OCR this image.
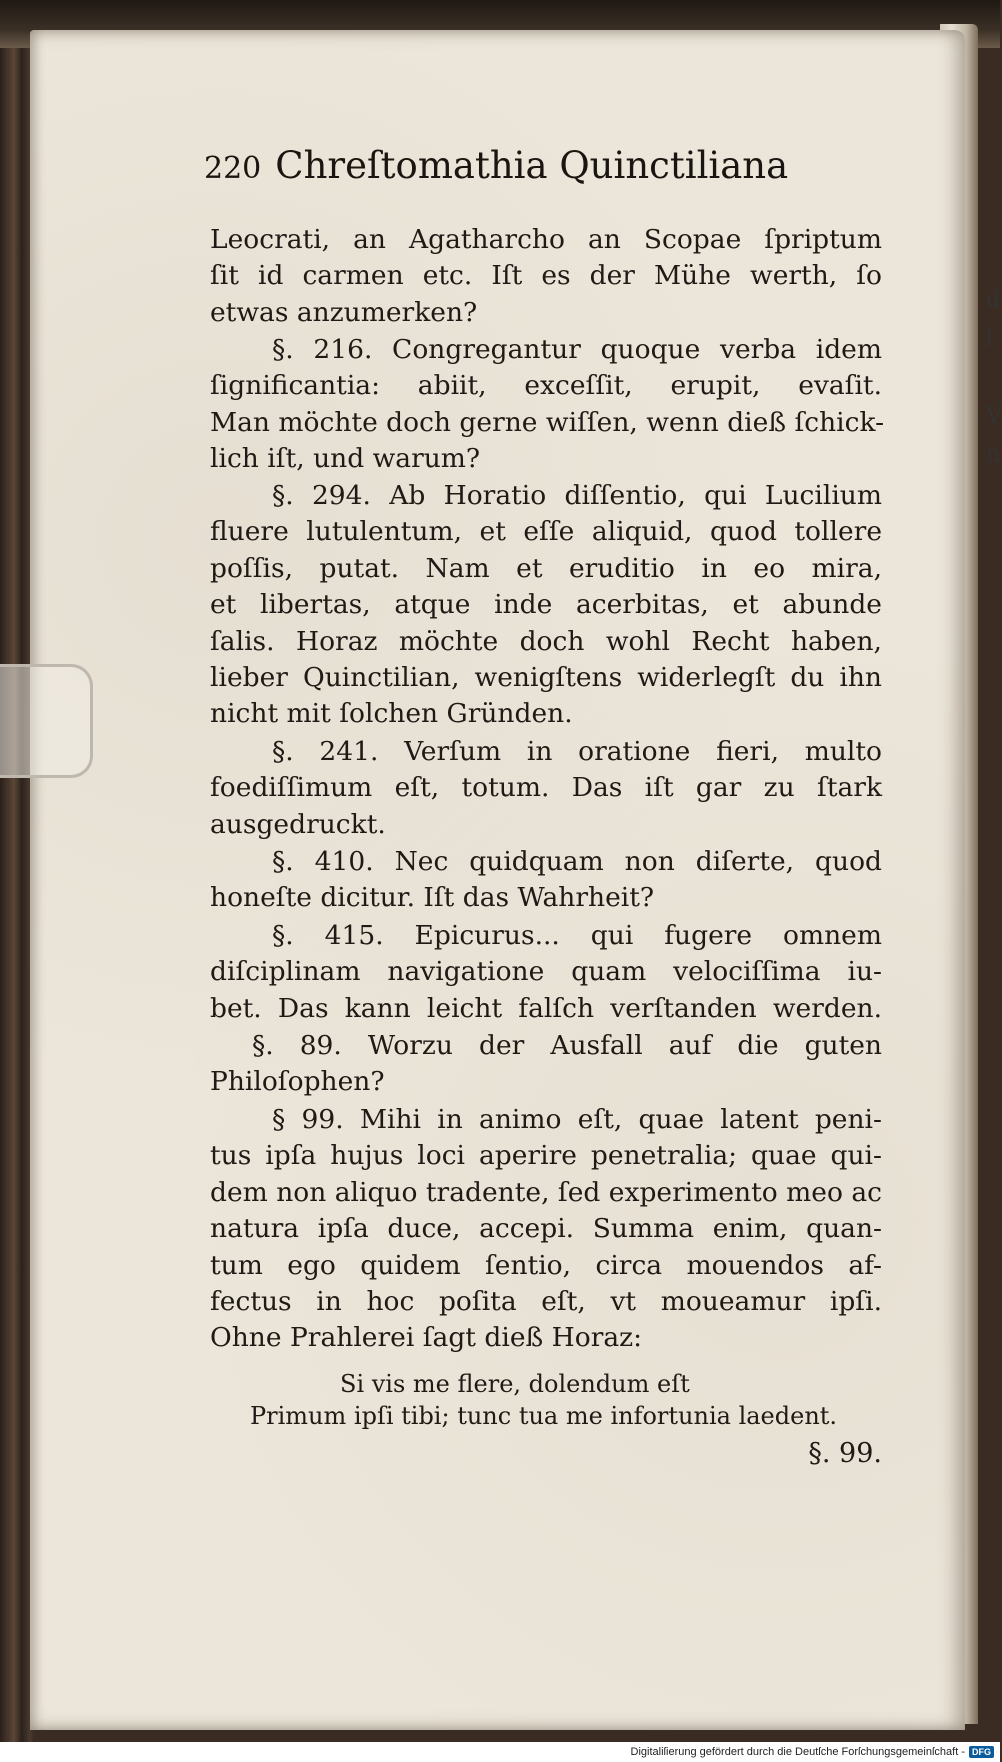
d
l
V
n
220 Chreſtomathia Quinctiliana
Leocrati, an Agatharcho an Scopae ſpriptum
ſit id carmen etc. Iſt es der Mühe werth, ſo
etwas anzumerken?
§. 216. Congregantur quoque verba idem
ſignificantia: abiit, exceſſit, erupit, evaſit.
Man möchte doch gerne wiſſen, wenn dieß ſchick-
lich iſt, und warum?
§. 294. Ab Horatio diſſentio, qui Lucilium
fluere lutulentum, et eſſe aliquid, quod tollere
poſſis, putat. Nam et eruditio in eo mira,
et libertas, atque inde acerbitas, et abunde
ſalis. Horaz möchte doch wohl Recht haben,
lieber Quinctilian, wenigſtens widerlegſt du ihn
nicht mit ſolchen Gründen.
§. 241. Verſum in oratione fieri, multo
foediſſimum eſt, totum. Das iſt gar zu ſtark
ausgedruckt.
§. 410. Nec quidquam non diſerte, quod
honeſte dicitur. Iſt das Wahrheit?
§. 415. Epicurus... qui fugere omnem
diſciplinam navigatione quam velociſſima iu-
bet. Das kann leicht falſch verſtanden werden.
§. 89. Worzu der Ausfall auf die guten
Philoſophen?
§ 99. Mihi in animo eſt, quae latent peni-
tus ipſa hujus loci aperire penetralia; quae qui-
dem non aliquo tradente, ſed experimento meo ac
natura ipſa duce, accepi. Summa enim, quan-
tum ego quidem ſentio, circa mouendos af-
fectus in hoc poſita eſt, vt moueamur ipſi.
Ohne Prahlerei ſagt dieß Horaz:
Si vis me flere, dolendum eſt
Primum ipſi tibi; tunc tua me infortunia laedent.
§. 99.
Digitaliſierung gefördert durch die Deutſche Forſchungsgemeinſchaft - DFG
